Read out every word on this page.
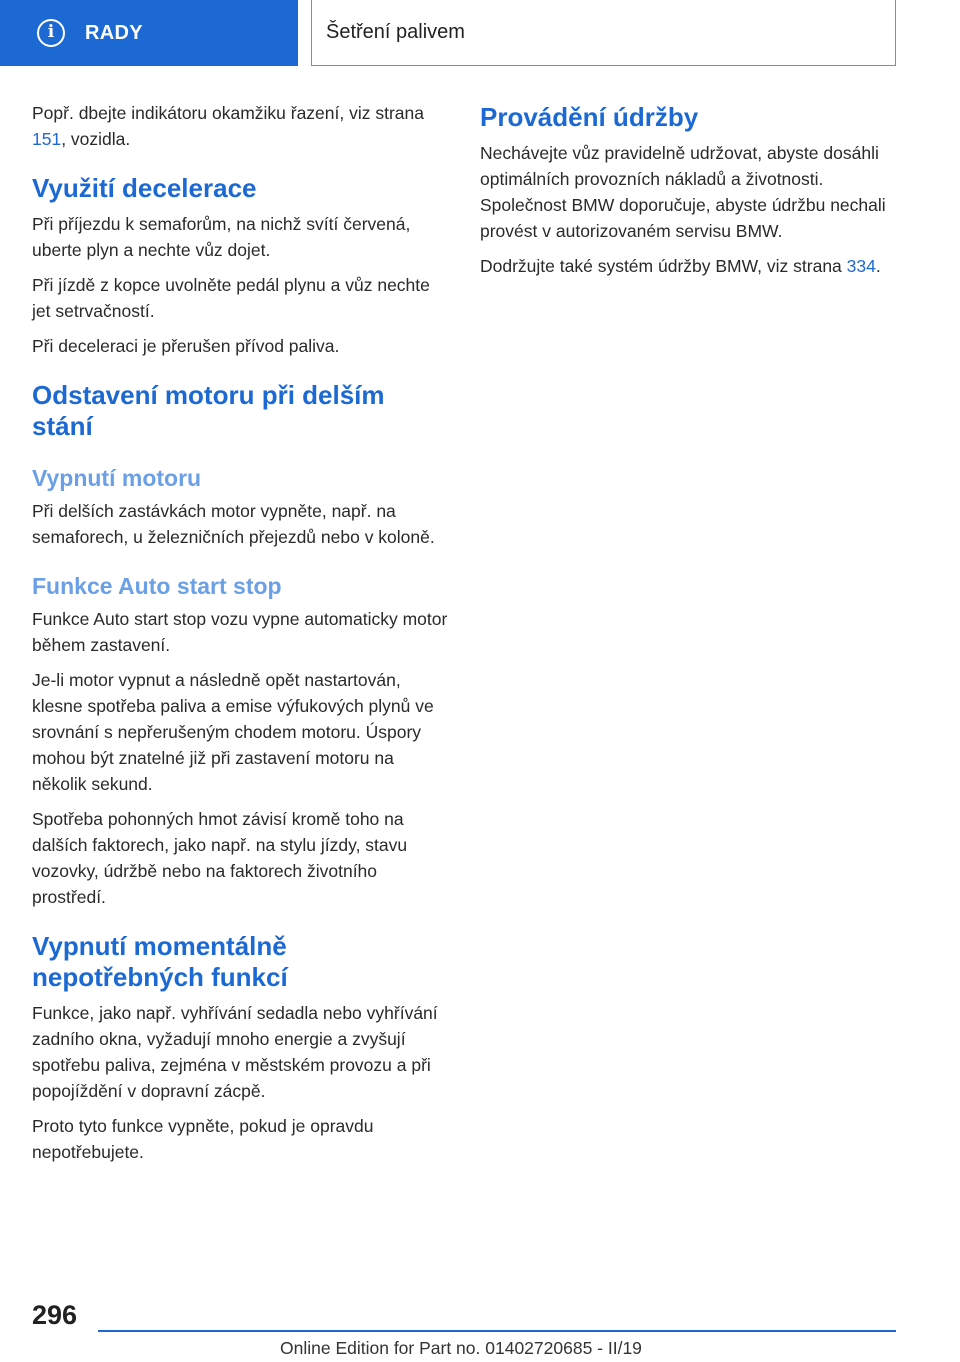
i	RADY	Šetření palivem

Popř. dbejte indikátoru okamžiku řazení, viz strana 151, vozidla.

Využití decelerace

Při příjezdu k semaforům, na nichž svítí červená, uberte plyn a nechte vůz dojet.

Při jízdě z kopce uvolněte pedál plynu a vůz nechte jet setrvačností.

Při deceleraci je přerušen přívod paliva.

Odstavení motoru při delším stání
Vypnutí motoru

Při delších zastávkách motor vypněte, např. na semaforech, u železničních přejezdů nebo v koloně.

Funkce Auto start stop

Funkce Auto start stop vozu vypne automaticky motor během zastavení.

Je-li motor vypnut a následně opět nastartován, klesne spotřeba paliva a emise výfukových plynů ve srovnání s nepřerušeným chodem motoru. Úspory mohou být znatelné již při zastavení motoru na několik sekund.

Spotřeba pohonných hmot závisí kromě toho na dalších faktorech, jako např. na stylu jízdy, stavu vozovky, údržbě nebo na faktorech životního prostředí.

Vypnutí momentálně nepotřebných funkcí

Funkce, jako např. vyhřívání sedadla nebo vyhřívání zadního okna, vyžadují mnoho energie a zvyšují spotřebu paliva, zejména v městském provozu a při popojíždění v dopravní zácpě.

Proto tyto funkce vypněte, pokud je opravdu nepotřebujete.

Provádění údržby

Nechávejte vůz pravidelně udržovat, abyste dosáhli optimálních provozních nákladů a životnosti. Společnost BMW doporučuje, abyste údržbu nechali provést v autorizovaném servisu BMW.

Dodržujte také systém údržby BMW, viz strana 334.

296
Online Edition for Part no. 01402720685 - II/19
